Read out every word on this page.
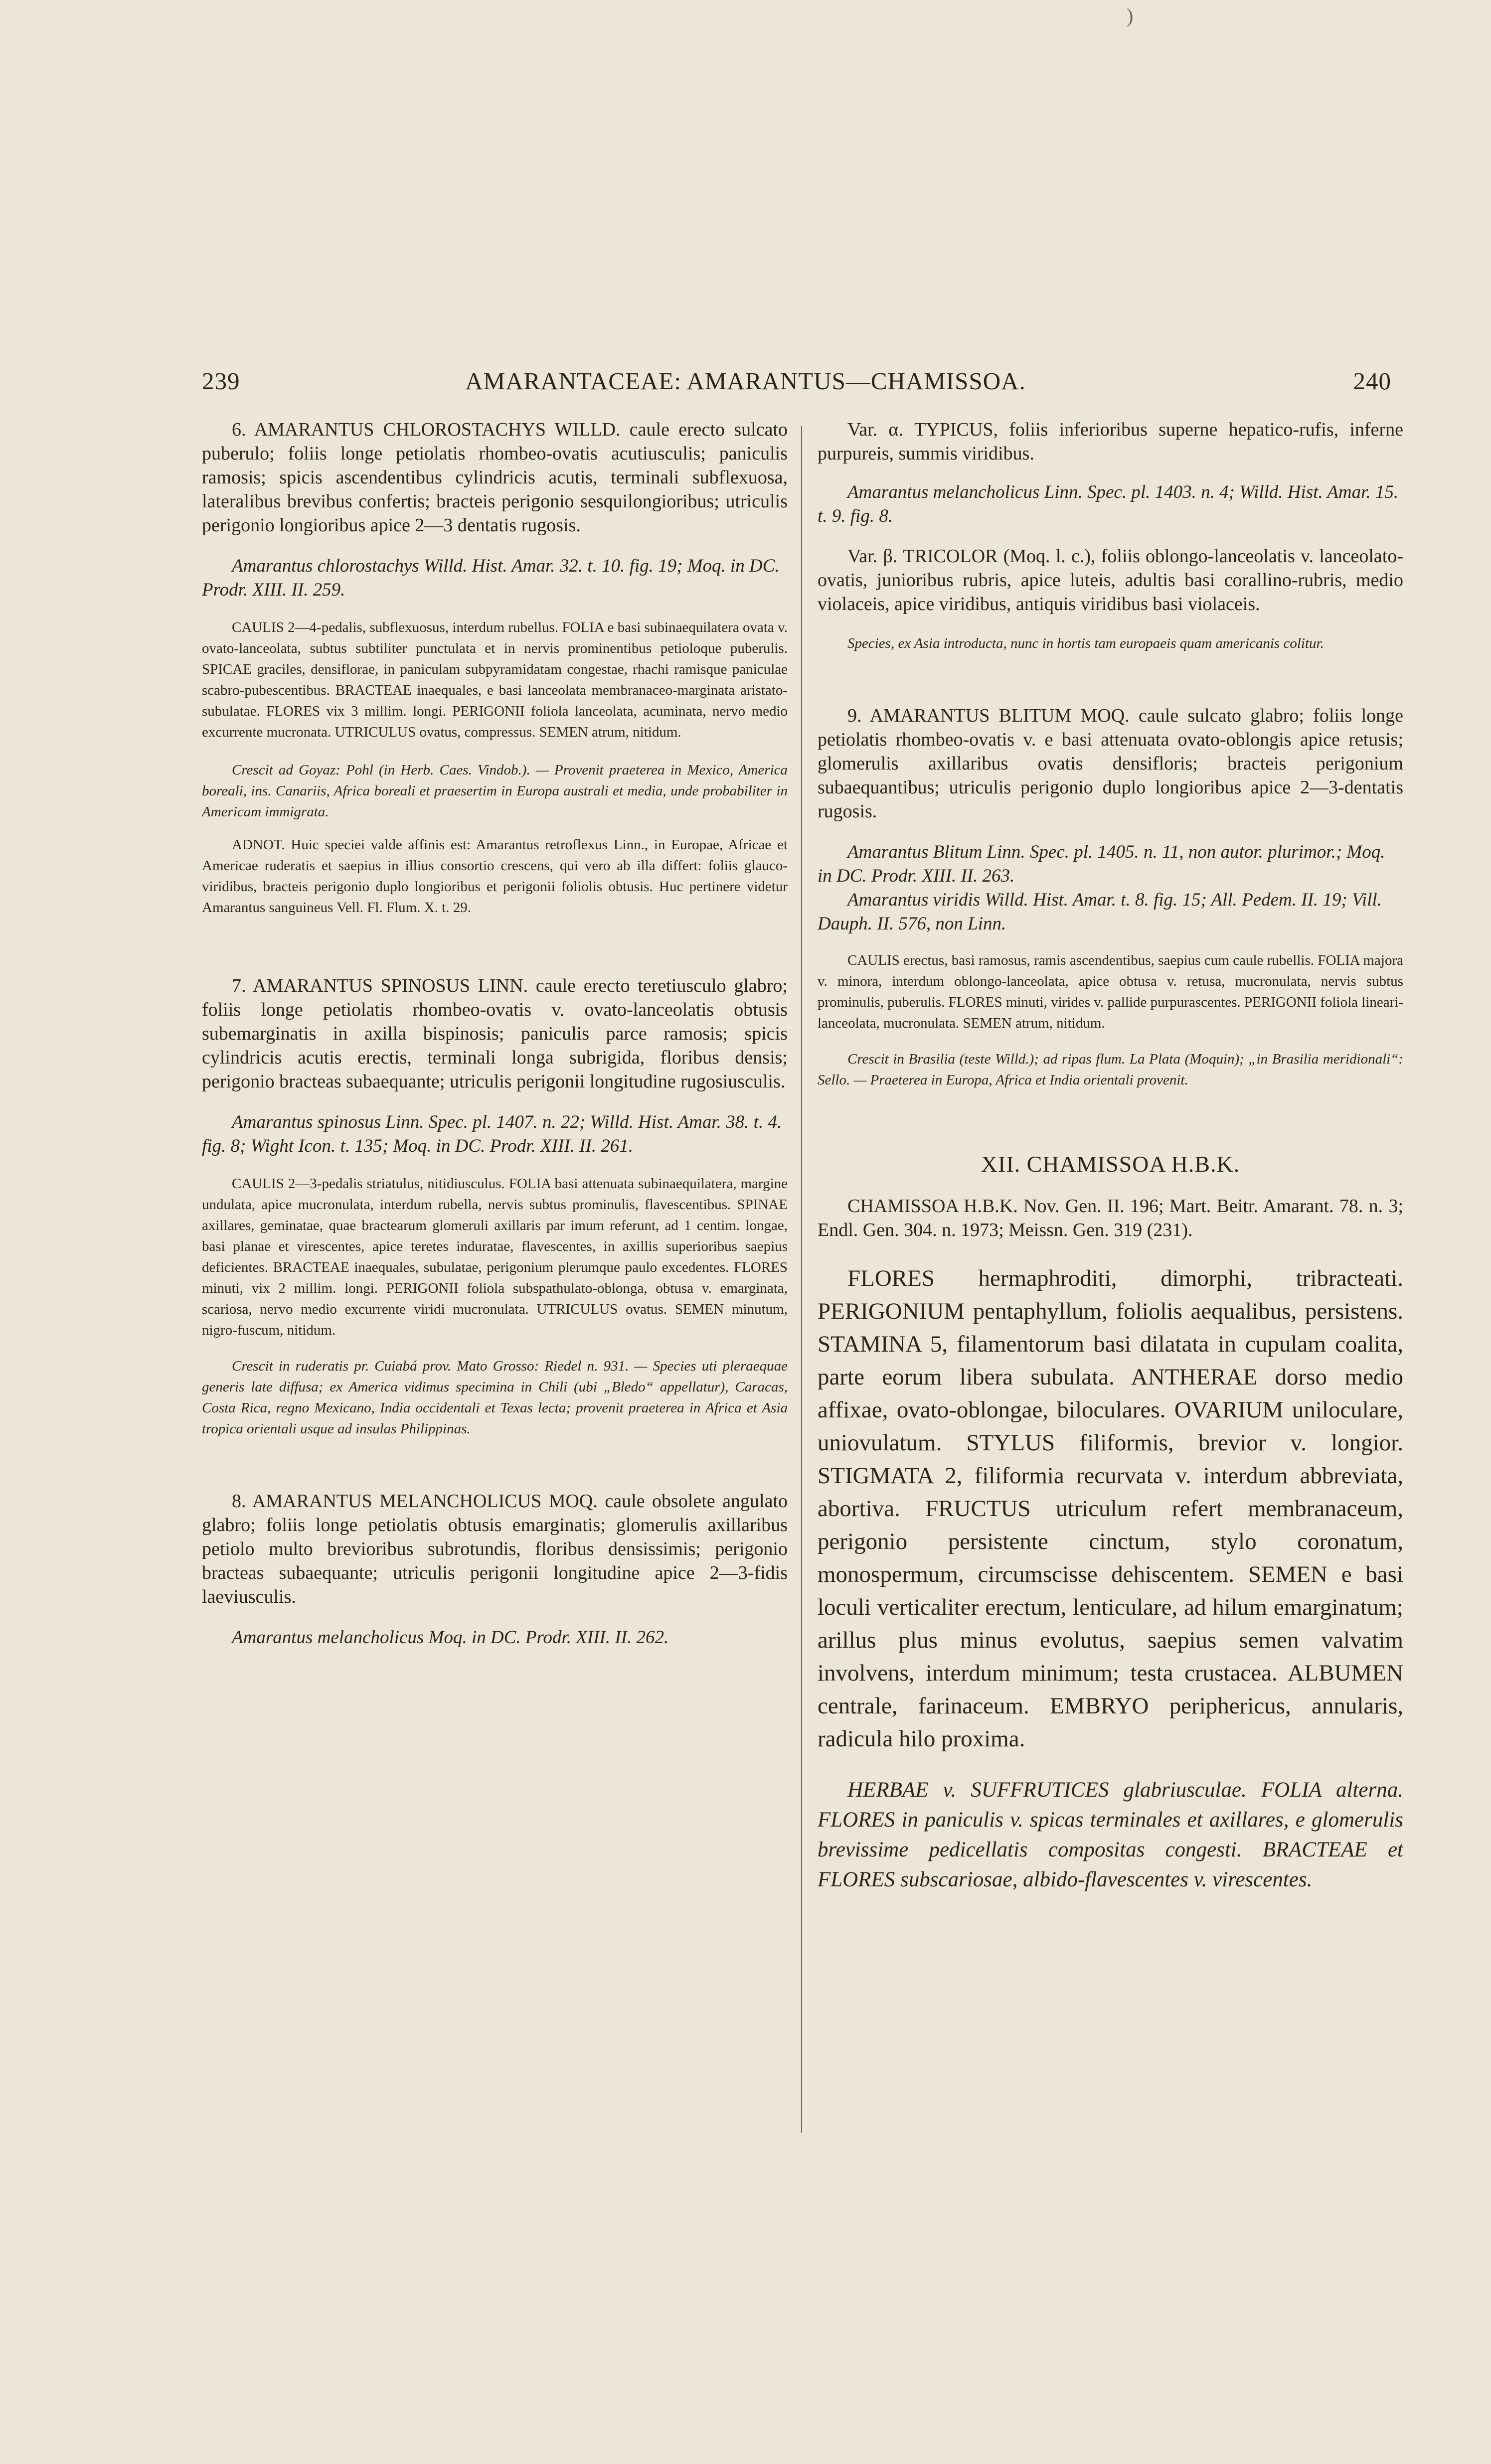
)
239	AMARANTACEAE: AMARANTUS—CHAMISSOA.	240

6. AMARANTUS CHLOROSTACHYS WILLD. caule erecto sulcato puberulo; foliis longe petiolatis rhombeo-ovatis acutiusculis; paniculis ramosis; spicis ascendentibus cylindricis acutis, terminali subflexuosa, lateralibus brevibus confertis; bracteis perigonio sesquilongioribus; utriculis perigonio longioribus apice 2—3 dentatis rugosis.

Amarantus chlorostachys Willd. Hist. Amar. 32. t. 10. fig. 19; Moq. in DC. Prodr. XIII. II. 259.

CAULIS 2—4-pedalis, subflexuosus, interdum rubellus. FOLIA e basi subinaequilatera ovata v. ovato-lanceolata, subtus subtiliter punctulata et in nervis prominentibus petioloque puberulis. SPICAE graciles, densiflorae, in paniculam subpyramidatam congestae, rhachi ramisque paniculae scabro-pubescentibus. BRACTEAE inaequales, e basi lanceolata membranaceo-marginata aristato-subulatae. FLORES vix 3 millim. longi. PERIGONII foliola lanceolata, acuminata, nervo medio excurrente mucronata. UTRICULUS ovatus, compressus. SEMEN atrum, nitidum.

Crescit ad Goyaz: Pohl (in Herb. Caes. Vindob.). — Provenit praeterea in Mexico, America boreali, ins. Canariis, Africa boreali et praesertim in Europa australi et media, unde probabiliter in Americam immigrata.

ADNOT. Huic speciei valde affinis est: Amarantus retroflexus Linn., in Europae, Africae et Americae ruderatis et saepius in illius consortio crescens, qui vero ab illa differt: foliis glauco-viridibus, bracteis perigonio duplo longioribus et perigonii foliolis obtusis. Huc pertinere videtur Amarantus sanguineus Vell. Fl. Flum. X. t. 29.

7. AMARANTUS SPINOSUS LINN. caule erecto teretiusculo glabro; foliis longe petiolatis rhombeo-ovatis v. ovato-lanceolatis obtusis subemarginatis in axilla bispinosis; paniculis parce ramosis; spicis cylindricis acutis erectis, terminali longa subrigida, floribus densis; perigonio bracteas subaequante; utriculis perigonii longitudine rugosiusculis.

Amarantus spinosus Linn. Spec. pl. 1407. n. 22; Willd. Hist. Amar. 38. t. 4. fig. 8; Wight Icon. t. 135; Moq. in DC. Prodr. XIII. II. 261.

CAULIS 2—3-pedalis striatulus, nitidiusculus. FOLIA basi attenuata subinaequilatera, margine undulata, apice mucronulata, interdum rubella, nervis subtus prominulis, flavescentibus. SPINAE axillares, geminatae, quae bractearum glomeruli axillaris par imum referunt, ad 1 centim. longae, basi planae et virescentes, apice teretes induratae, flavescentes, in axillis superioribus saepius deficientes. BRACTEAE inaequales, subulatae, perigonium plerumque paulo excedentes. FLORES minuti, vix 2 millim. longi. PERIGONII foliola subspathulato-oblonga, obtusa v. emarginata, scariosa, nervo medio excurrente viridi mucronulata. UTRICULUS ovatus. SEMEN minutum, nigro-fuscum, nitidum.

Crescit in ruderatis pr. Cuiabá prov. Mato Grosso: Riedel n. 931. — Species uti pleraequae generis late diffusa; ex America vidimus specimina in Chili (ubi „Bledo“ appellatur), Caracas, Costa Rica, regno Mexicano, India occidentali et Texas lecta; provenit praeterea in Africa et Asia tropica orientali usque ad insulas Philippinas.

8. AMARANTUS MELANCHOLICUS MOQ. caule obsolete angulato glabro; foliis longe petiolatis obtusis emarginatis; glomerulis axillaribus petiolo multo brevioribus subrotundis, floribus densissimis; perigonio bracteas subaequante; utriculis perigonii longitudine apice 2—3-fidis laeviusculis.

Amarantus melancholicus Moq. in DC. Prodr. XIII. II. 262.

Var. α. TYPICUS, foliis inferioribus superne hepatico-rufis, inferne purpureis, summis viridibus.

Amarantus melancholicus Linn. Spec. pl. 1403. n. 4; Willd. Hist. Amar. 15. t. 9. fig. 8.

Var. β. TRICOLOR (Moq. l. c.), foliis oblongo-lanceolatis v. lanceolato-ovatis, junioribus rubris, apice luteis, adultis basi corallino-rubris, medio violaceis, apice viridibus, antiquis viridibus basi violaceis.

Species, ex Asia introducta, nunc in hortis tam europaeis quam americanis colitur.

9. AMARANTUS BLITUM MOQ. caule sulcato glabro; foliis longe petiolatis rhombeo-ovatis v. e basi attenuata ovato-oblongis apice retusis; glomerulis axillaribus ovatis densifloris; bracteis perigonium subaequantibus; utriculis perigonio duplo longioribus apice 2—3-dentatis rugosis.

Amarantus Blitum Linn. Spec. pl. 1405. n. 11, non autor. plurimor.; Moq. in DC. Prodr. XIII. II. 263.

Amarantus viridis Willd. Hist. Amar. t. 8. fig. 15; All. Pedem. II. 19; Vill. Dauph. II. 576, non Linn.

CAULIS erectus, basi ramosus, ramis ascendentibus, saepius cum caule rubellis. FOLIA majora v. minora, interdum oblongo-lanceolata, apice obtusa v. retusa, mucronulata, nervis subtus prominulis, puberulis. FLORES minuti, virides v. pallide purpurascentes. PERIGONII foliola lineari-lanceolata, mucronulata. SEMEN atrum, nitidum.

Crescit in Brasilia (teste Willd.); ad ripas flum. La Plata (Moquin); „in Brasilia meridionali“: Sello. — Praeterea in Europa, Africa et India orientali provenit.

XII. CHAMISSOA H.B.K.

CHAMISSOA H.B.K. Nov. Gen. II. 196; Mart. Beitr. Amarant. 78. n. 3; Endl. Gen. 304. n. 1973; Meissn. Gen. 319 (231).

FLORES hermaphroditi, dimorphi, tribracteati. PERIGONIUM pentaphyllum, foliolis aequalibus, persistens. STAMINA 5, filamentorum basi dilatata in cupulam coalita, parte eorum libera subulata. ANTHERAE dorso medio affixae, ovato-oblongae, biloculares. OVARIUM uniloculare, uniovulatum. STYLUS filiformis, brevior v. longior. STIGMATA 2, filiformia recurvata v. interdum abbreviata, abortiva. FRUCTUS utriculum refert membranaceum, perigonio persistente cinctum, stylo coronatum, monospermum, circumscisse dehiscentem. SEMEN e basi loculi verticaliter erectum, lenticulare, ad hilum emarginatum; arillus plus minus evolutus, saepius semen valvatim involvens, interdum minimum; testa crustacea. ALBUMEN centrale, farinaceum. EMBRYO periphericus, annularis, radicula hilo proxima.

HERBAE v. SUFFRUTICES glabriusculae. FOLIA alterna. FLORES in paniculis v. spicas terminales et axillares, e glomerulis brevissime pedicellatis compositas congesti. BRACTEAE et FLORES subscariosae, albido-flavescentes v. virescentes.
